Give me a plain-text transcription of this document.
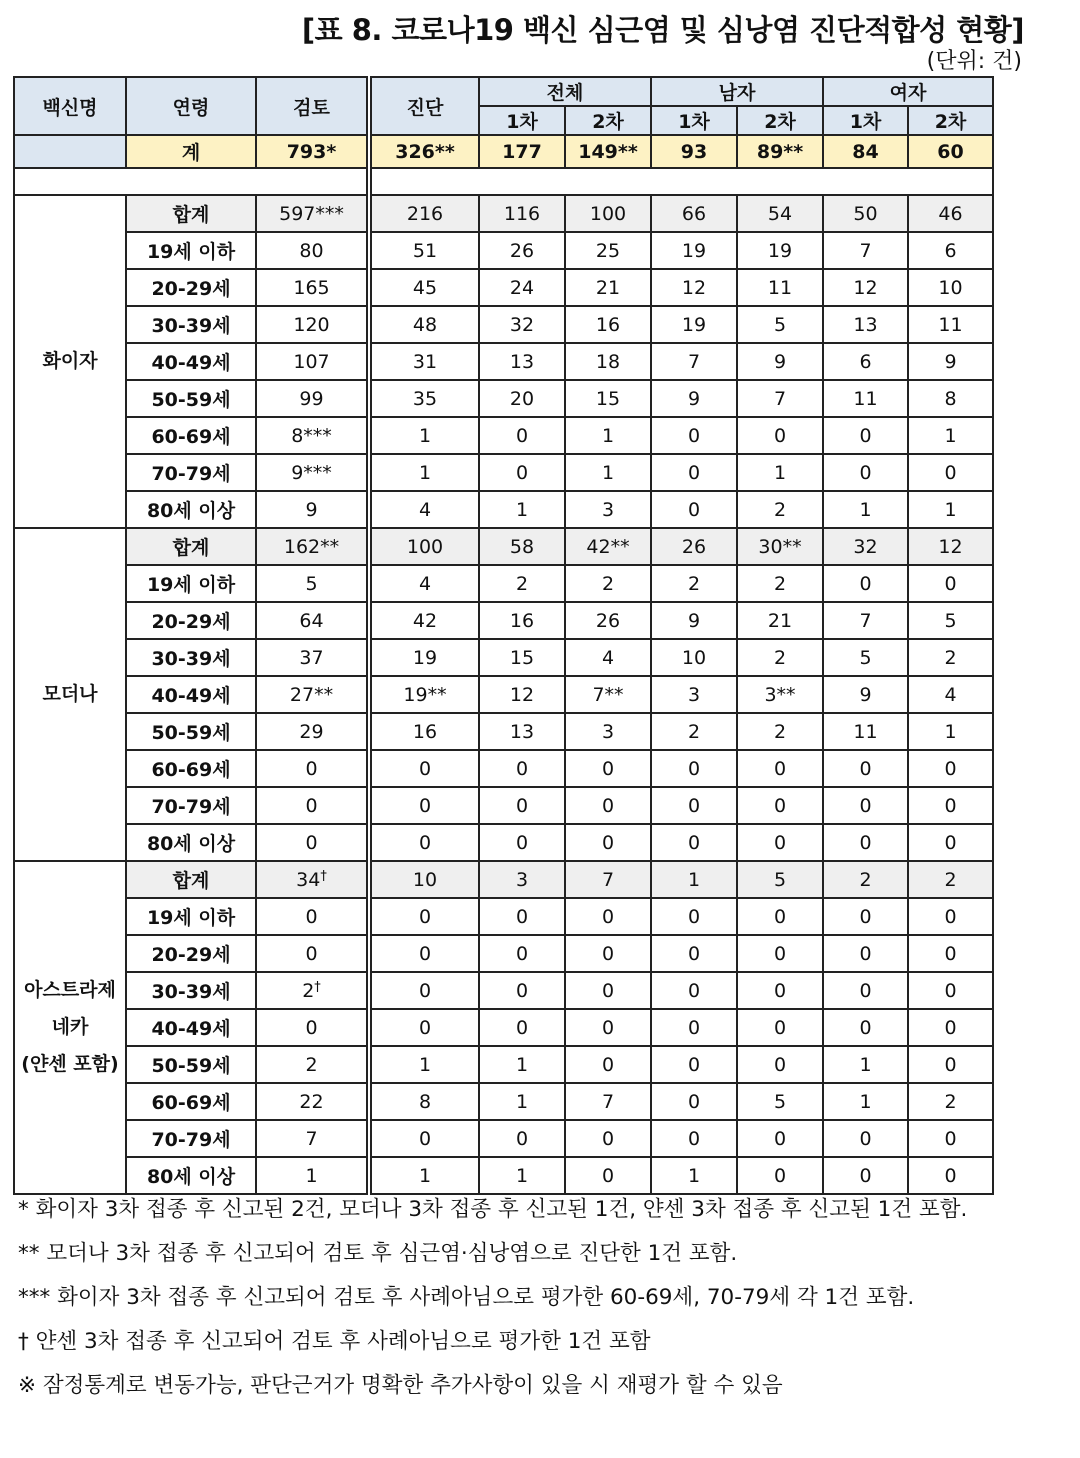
[표 8. 코로나19 백신 심근염 및 심낭염 진단적합성 현황]
(단위: 건)
백신명	연령	검토	진단	전체		남자		여자	
				1차	2차	1차	2차	1차	2차
	계	793*	326**	177	149**	93	89**	84	60

화이자	합계	597***	216	116	100	66	54	50	46
	19세 이하	80	51	26	25	19	19	7	6
	20-29세	165	45	24	21	12	11	12	10
	30-39세	120	48	32	16	19	5	13	11
	40-49세	107	31	13	18	7	9	6	9
	50-59세	99	35	20	15	9	7	11	8
	60-69세	8***	1	0	1	0	0	0	1
	70-79세	9***	1	0	1	0	1	0	0
	80세 이상	9	4	1	3	0	2	1	1
모더나	합계	162**	100	58	42**	26	30**	32	12
	19세 이하	5	4	2	2	2	2	0	0
	20-29세	64	42	16	26	9	21	7	5
	30-39세	37	19	15	4	10	2	5	2
	40-49세	27**	19**	12	7**	3	3**	9	4
	50-59세	29	16	13	3	2	2	11	1
	60-69세	0	0	0	0	0	0	0	0
	70-79세	0	0	0	0	0	0	0	0
	80세 이상	0	0	0	0	0	0	0	0

아스트라제
네카
(얀센 포함)	합계	34†	10	3	7	1	5	2	2
	19세 이하	0	0	0	0	0	0	0	0
	20-29세	0	0	0	0	0	0	0	0
	30-39세	2†	0	0	0	0	0	0	0
	40-49세	0	0	0	0	0	0	0	0
	50-59세	2	1	1	0	0	0	1	0
	60-69세	22	8	1	7	0	5	1	2
	70-79세	7	0	0	0	0	0	0	0
	80세 이상	1	1	1	0	1	0	0	0
* 화이자 3차 접종 후 신고된 2건, 모더나 3차 접종 후 신고된 1건, 얀센 3차 접종 후 신고된 1건 포함.
** 모더나 3차 접종 후 신고되어 검토 후 심근염·심낭염으로 진단한 1건 포함.
*** 화이자 3차 접종 후 신고되어 검토 후 사례아님으로 평가한 60-69세, 70-79세 각 1건 포함.
† 얀센 3차 접종 후 신고되어 검토 후 사례아님으로 평가한 1건 포함
※ 잠정통계로 변동가능, 판단근거가 명확한 추가사항이 있을 시 재평가 할 수 있음
